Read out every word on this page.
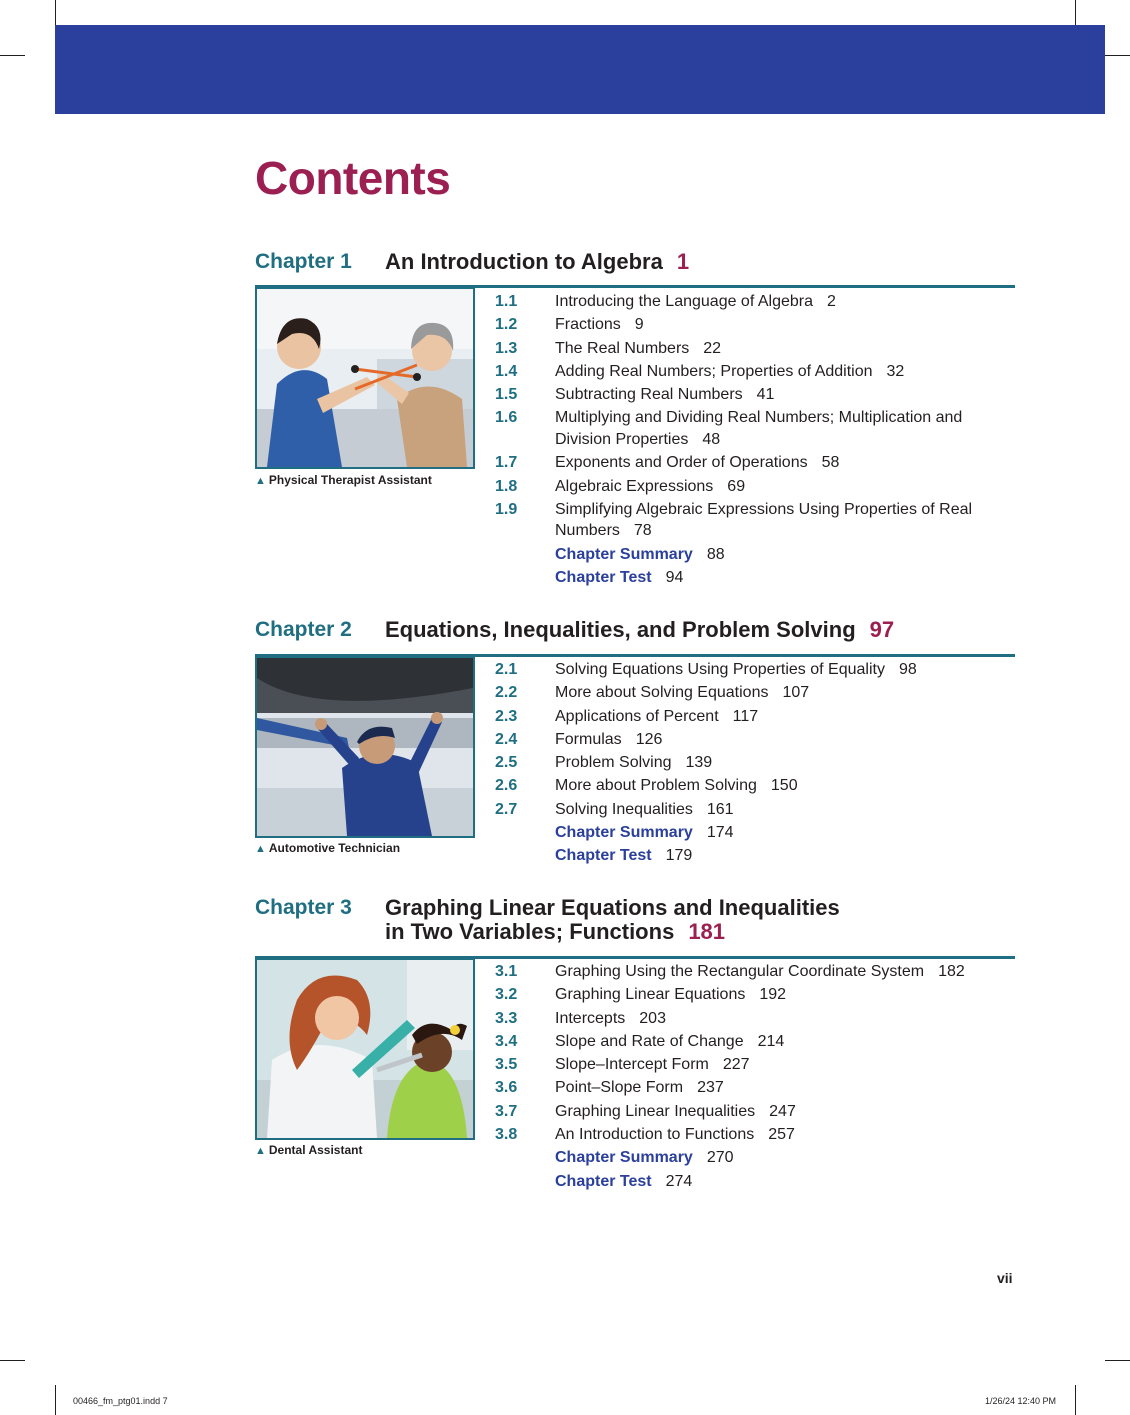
Contents
Chapter 1 An Introduction to Algebra 1
▲ Physical Therapist Assistant
1.1 Introducing the Language of Algebra 2
1.2 Fractions 9
1.3 The Real Numbers 22
1.4 Adding Real Numbers; Properties of Addition 32
1.5 Subtracting Real Numbers 41
1.6 Multiplying and Dividing Real Numbers; Multiplication and Division Properties 48
1.7 Exponents and Order of Operations 58
1.8 Algebraic Expressions 69
1.9 Simplifying Algebraic Expressions Using Properties of Real Numbers 78
Chapter Summary 88
Chapter Test 94
Chapter 2 Equations, Inequalities, and Problem Solving 97
▲ Automotive Technician
2.1 Solving Equations Using Properties of Equality 98
2.2 More about Solving Equations 107
2.3 Applications of Percent 117
2.4 Formulas 126
2.5 Problem Solving 139
2.6 More about Problem Solving 150
2.7 Solving Inequalities 161
Chapter Summary 174
Chapter Test 179
Chapter 3 Graphing Linear Equations and Inequalities
in Two Variables; Functions 181
▲ Dental Assistant
3.1 Graphing Using the Rectangular Coordinate System 182
3.2 Graphing Linear Equations 192
3.3 Intercepts 203
3.4 Slope and Rate of Change 214
3.5 Slope–Intercept Form 227
3.6 Point–Slope Form 237
3.7 Graphing Linear Inequalities 247
3.8 An Introduction to Functions 257
Chapter Summary 270
Chapter Test 274
vii
00466_fm_ptg01.indd 7	1/26/24 12:40 PM
